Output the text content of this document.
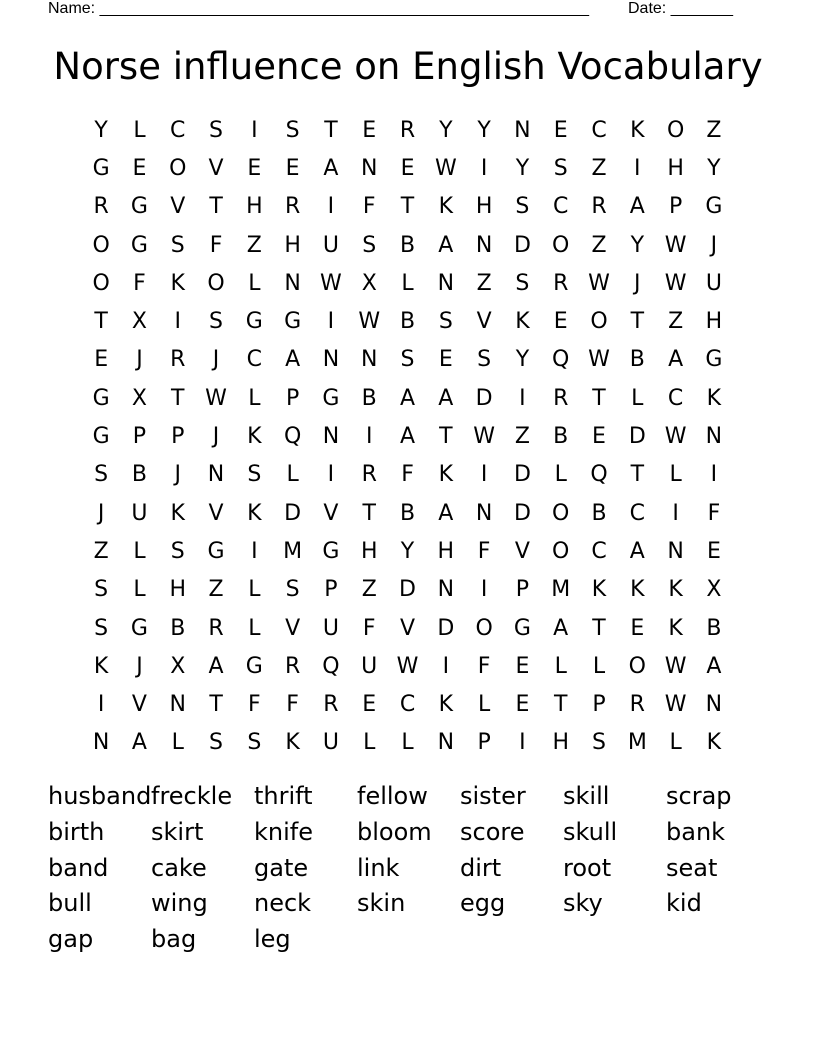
Name: _______________________________________________________ Date: _______
Norse influence on English Vocabulary
Y	L	C	S	I	S	T	E	R	Y	Y	N	E	C	K	O	Z
G	E	O	V	E	E	A	N	E W	I	Y	S	Z	I	H	Y
R	G	V	T	H	R	I	F	T	K	H	S	C	R	A	P	G
O G	S	F	Z	H U	S	B	A	N D O	Z	Y W	J
O	F	K	O	L	N W X	L	N	Z	S	R W	J	W U
T	X	I	S	G G	I	W B	S	V	K	E	O	T	Z	H
E	J	R	J	C	A	N N	S	E	S	Y	Q W B	A	G
G	X	T W L	P	G	B	A	A	D	I	R	T	L	C	K
G	P	P	J	K	Q N	I	A	T W Z	B	E	D W N
S	B	J	N	S	L	I	R	F	K	I	D	L	Q	T	L	I
J	U	K	V	K	D	V	T	B	A	N D O	B	C	I	F
Z	L	S	G	I	M G H	Y	H	F	V	O C	A	N	E
S	L	H	Z	L	S	P	Z	D N	I	P	M K	K	K	X
S	G	B	R	L	V	U	F	V	D O G	A	T	E	K	B
K	J	X	A	G	R Q U W	I	F	E	L	L	O W A
I	V	N	T	F	F	R	E	C	K	L	E	T	P	R W N
N	A	L	S	S	K	U	L	L	N	P	I	H	S M	L	K
husband freckle thrift	fellow	sister	skill	scrap
birth	skirt	knife	bloom	score	skull	bank
band	cake	gate	link	dirt	root	seat
bull	wing	neck	skin	egg	sky	kid
gap	bag	leg
